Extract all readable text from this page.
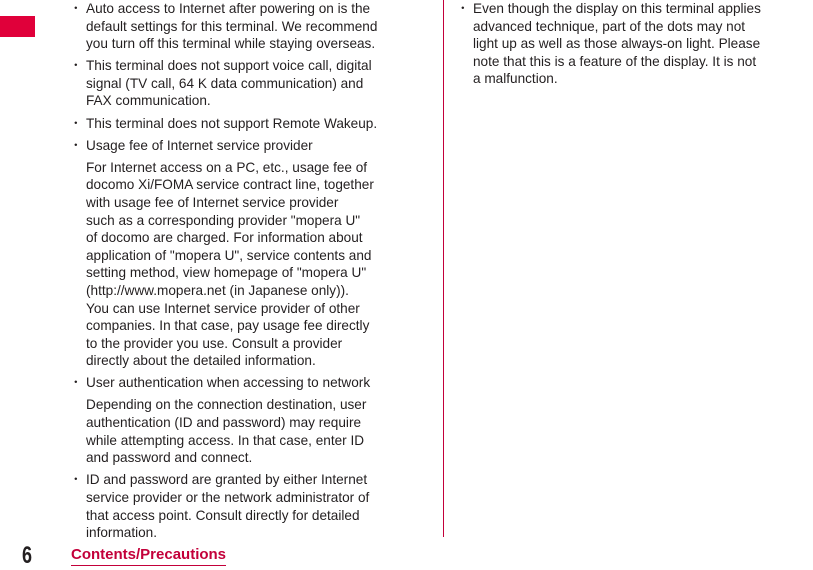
・ Auto access to Internet after powering on is the
default settings for this terminal. We recommend
you turn off this terminal while staying overseas.
・ This terminal does not support voice call, digital
signal (TV call, 64 K data communication) and
FAX communication.
・ This terminal does not support Remote Wakeup.
・ Usage fee of Internet service provider
For Internet access on a PC, etc., usage fee of
docomo Xi/FOMA service contract line, together
with usage fee of Internet service provider
such as a corresponding provider "mopera U"
of docomo are charged. For information about
application of "mopera U", service contents and
setting method, view homepage of "mopera U"
(http://www.mopera.net (in Japanese only)).
You can use Internet service provider of other
companies. In that case, pay usage fee directly
to the provider you use. Consult a provider
directly about the detailed information.
・ User authentication when accessing to network
Depending on the connection destination, user
authentication (ID and password) may require
while attempting access. In that case, enter ID
and password and connect.
・ ID and password are granted by either Internet
service provider or the network administrator of
that access point. Consult directly for detailed
information.
・ Even though the display on this terminal applies
advanced technique, part of the dots may not
light up as well as those always-on light. Please
note that this is a feature of the display. It is not
a malfunction.
6	Contents/Precautions
